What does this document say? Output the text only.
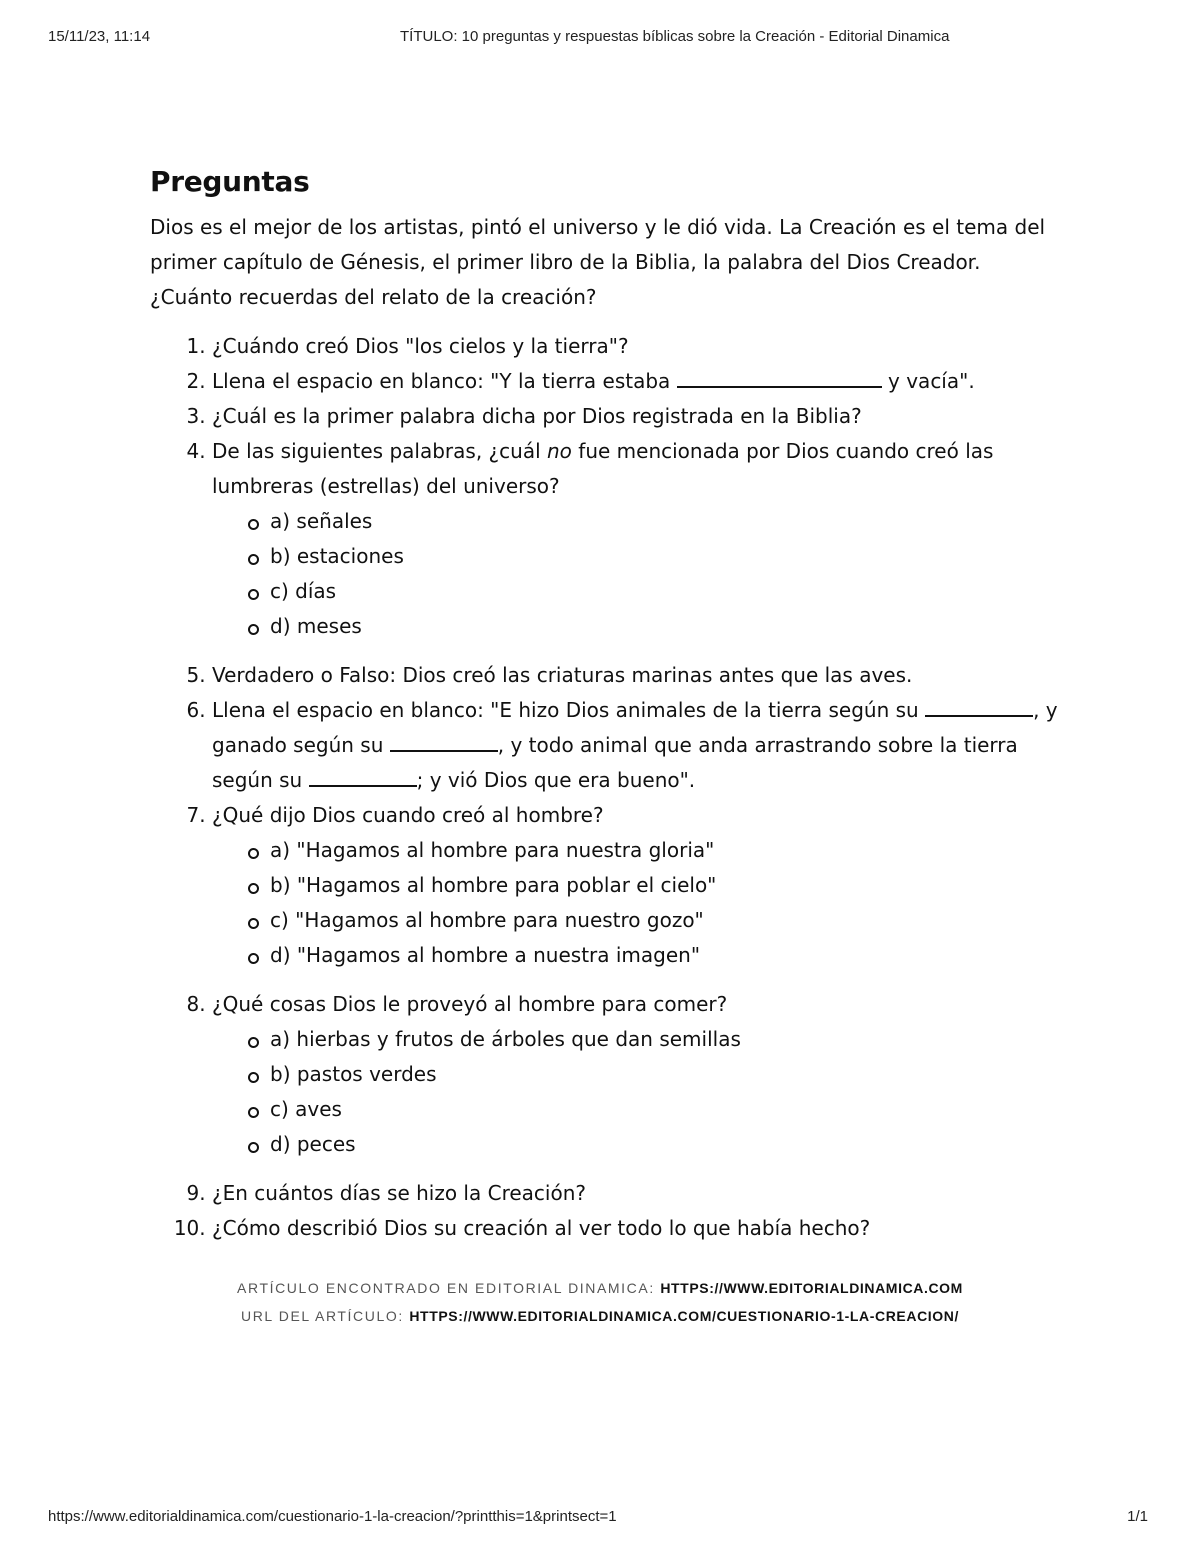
15/11/23, 11:14	TÍTULO: 10 preguntas y respuestas bíblicas sobre la Creación - Editorial Dinamica
Preguntas

Dios es el mejor de los artistas, pintó el universo y le dió vida. La Creación es el tema del primer capítulo de Génesis, el primer libro de la Biblia, la palabra del Dios Creador. ¿Cuánto recuerdas del relato de la creación?

1. ¿Cuándo creó Dios "los cielos y la tierra"?
2. Llena el espacio en blanco: "Y la tierra estaba	y vacía".
3. ¿Cuál es la primer palabra dicha por Dios registrada en la Biblia?
4. De las siguientes palabras, ¿cuál no fue mencionada por Dios cuando creó las lumbreras (estrellas) del universo?
a) señales
b) estaciones
c) días
d) meses
5. Verdadero o Falso: Dios creó las criaturas marinas antes que las aves.
6. Llena el espacio en blanco: "E hizo Dios animales de la tierra según su	, y ganado según su	, y todo animal que anda arrastrando sobre la tierra según su	; y vió Dios que era bueno".
7. ¿Qué dijo Dios cuando creó al hombre?
a) "Hagamos al hombre para nuestra gloria"
b) "Hagamos al hombre para poblar el cielo"
c) "Hagamos al hombre para nuestro gozo"
d) "Hagamos al hombre a nuestra imagen"
8. ¿Qué cosas Dios le proveyó al hombre para comer?
a) hierbas y frutos de árboles que dan semillas
b) pastos verdes
c) aves
d) peces
9. ¿En cuántos días se hizo la Creación?
10. ¿Cómo describió Dios su creación al ver todo lo que había hecho?
ARTÍCULO ENCONTRADO EN EDITORIAL DINAMICA: HTTPS://WWW.EDITORIALDINAMICA.COM
URL DEL ARTÍCULO: HTTPS://WWW.EDITORIALDINAMICA.COM/CUESTIONARIO-1-LA-CREACION/
https://www.editorialdinamica.com/cuestionario-1-la-creacion/?printthis=1&printsect=1	1/1
